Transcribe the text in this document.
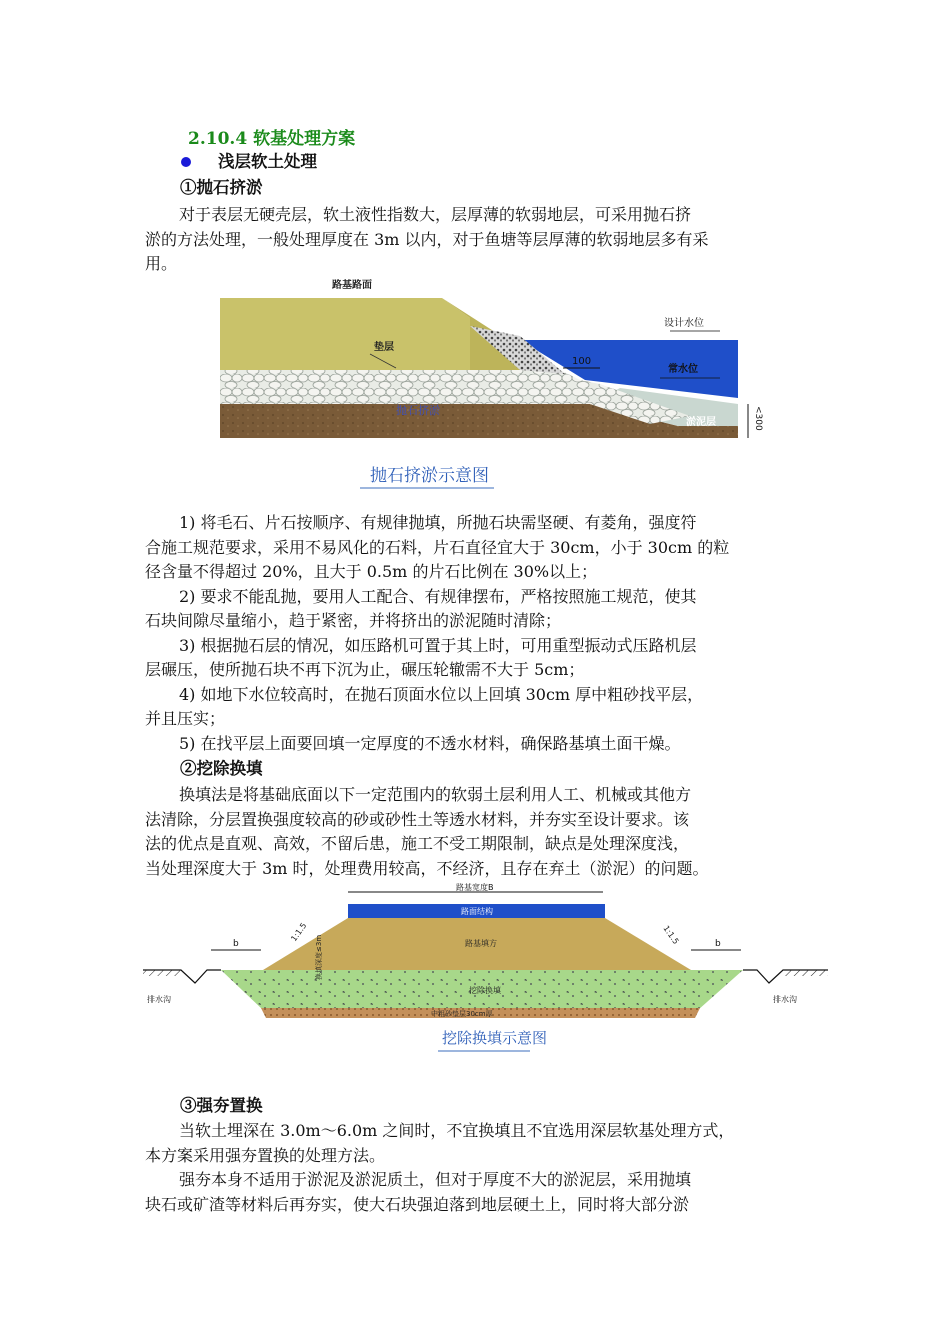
2.10.4 软基处理方案
浅层软土处理
①抛石挤淤

对于表层无硬壳层，软土液性指数大，层厚薄的软弱地层，可采用抛石挤

淤的方法处理，一般处理厚度在 3m 以内，对于鱼塘等层厚薄的软弱地层多有采

用。

100
路基路面
垫层
设计水位
常水位
淤泥层
抛石挤淤	<300
抛石挤淤示意图

1) 将毛石、片石按顺序、有规律抛填，所抛石块需坚硬、有菱角，强度符

合施工规范要求，采用不易风化的石料，片石直径宜大于 30cm，小于 30cm 的粒

径含量不得超过 20%，且大于 0.5m 的片石比例在 30%以上；

2) 要求不能乱抛，要用人工配合、有规律摆布，严格按照施工规范，使其

石块间隙尽量缩小，趋于紧密，并将挤出的淤泥随时清除；

3) 根据抛石层的情况，如压路机可置于其上时，可用重型振动式压路机层

层碾压，使所抛石块不再下沉为止，碾压轮辙需不大于 5cm；

4) 如地下水位较高时，在抛石顶面水位以上回填 30cm 厚中粗砂找平层，

并且压实；

5) 在找平层上面要回填一定厚度的不透水材料，确保路基填土面干燥。

②挖除换填

换填法是将基础底面以下一定范围内的软弱土层利用人工、机械或其他方

法清除，分层置换强度较高的砂或砂性土等透水材料，并夯实至设计要求。该

法的优点是直观、高效，不留后患，施工不受工期限制，缺点是处理深度浅，

当处理深度大于 3m 时，处理费用较高，不经济，且存在弃土（淤泥）的问题。

路基宽度B
路面结构
路基填方
1:1.5	1:1.5
挖除换填
中粗砂垫层30cm厚
换填深度≤3m
b	b
排水沟	排水沟
挖除换填示意图
③强夯置换

当软土埋深在 3.0m～6.0m 之间时，不宜换填且不宜选用深层软基处理方式，

本方案采用强夯置换的处理方法。

强夯本身不适用于淤泥及淤泥质土，但对于厚度不大的淤泥层，采用抛填

块石或矿渣等材料后再夯实，使大石块强迫落到地层硬土上，同时将大部分淤
